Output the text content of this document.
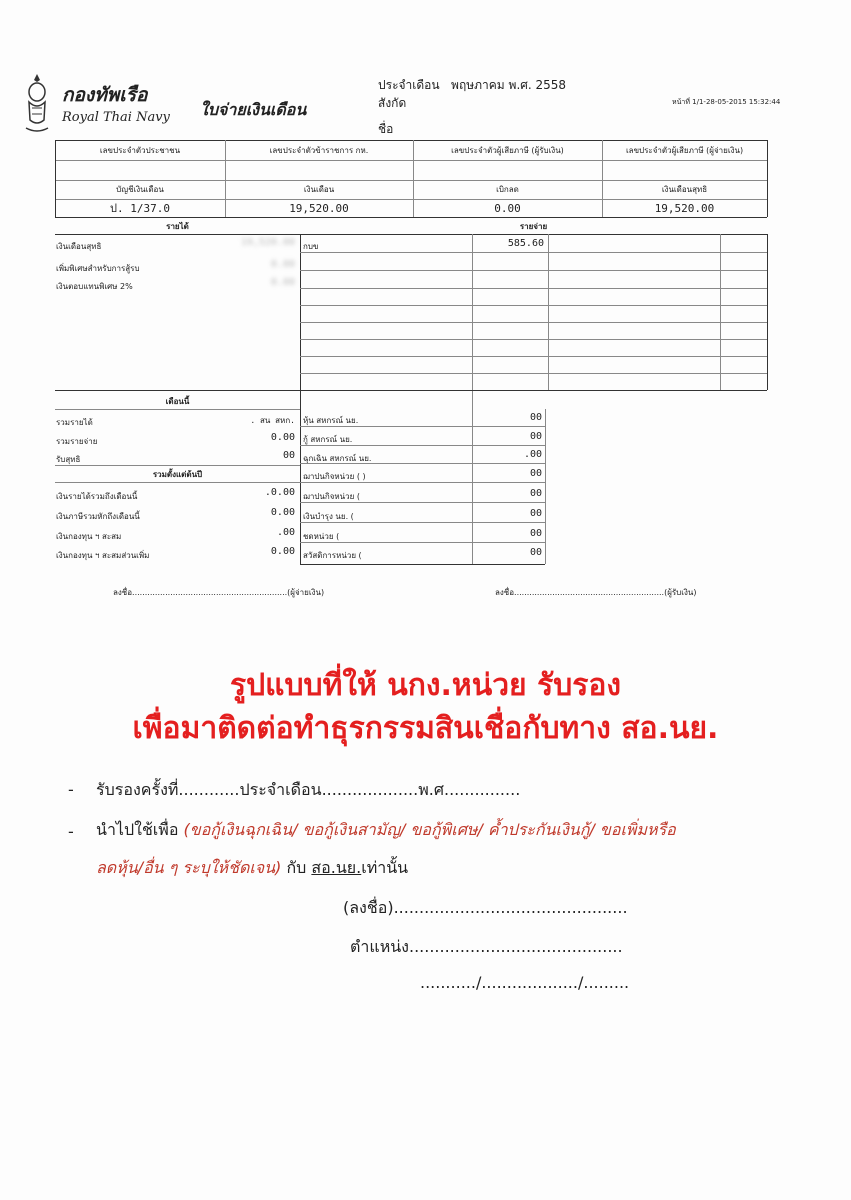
กองทัพเรือ
Royal Thai Navy ใบจ่ายเงินเดือน
ประจำเดือน พฤษภาคม พ.ศ. 2558
สังกัด
ชื่อ
หน้าที่ 1/1-28-05-2015 15:32:44
เลขประจำตัวประชาชน	เลขประจำตัวข้าราชการ กห.	เลขประจำตัวผู้เสียภาษี (ผู้รับเงิน)	เลขประจำตัวผู้เสียภาษี (ผู้จ่ายเงิน)
บัญชีเงินเดือน	เงินเดือน	เบิกลด	เงินเดือนสุทธิ
ป. 1/37.0	19,520.00	0.00	19,520.00
รายได้	รายจ่าย
เงินเดือนสุทธิ	19,520.00
เพิ่มพิเศษสำหรับการสู้รบ	0.00
เงินตอบแทนพิเศษ 2%	0.00
กบข	585.60
เดือนนี้
รวมรายได้	. สน สหก.
รวมรายจ่าย	0.00
รับสุทธิ	00
รวมตั้งแต่ต้นปี
เงินรายได้รวมถึงเดือนนี้	.0.00
เงินภาษีรวมหักถึงเดือนนี้	0.00
เงินกองทุน ฯ สะสม	.00
เงินกองทุน ฯ สะสมส่วนเพิ่ม	0.00
หุ้น สหกรณ์ นย.	00
กู้ สหกรณ์ นย.	00
ฉุกเฉิน สหกรณ์ นย.	.00
ฌาปนกิจหน่วย ( )	00
ฌาปนกิจหน่วย (	00
เงินบำรุง นย. (	00
ชดหน่วย (	00
สวัสดิการหน่วย (	00
ลงชื่อ.............................................................(ผู้จ่ายเงิน)	ลงชื่อ...........................................................(ผู้รับเงิน)
รูปแบบที่ให้ นกง.หน่วย รับรอง
เพื่อมาติดต่อทำธุรกรรมสินเชื่อกับทาง สอ.นย.
- รับรองครั้งที่............ประจำเดือน...................พ.ศ...............
- นำไปใช้เพื่อ (ขอกู้เงินฉุกเฉิน/ ขอกู้เงินสามัญ/ ขอกู้พิเศษ/ ค้ำประกันเงินกู้/ ขอเพิ่มหรือ
ลดหุ้น/อื่น ๆ ระบุให้ชัดเจน) กับ สอ.นย.เท่านั้น
(ลงชื่อ)..............................................
ตำแหน่ง..........................................
.........../.................../.........
